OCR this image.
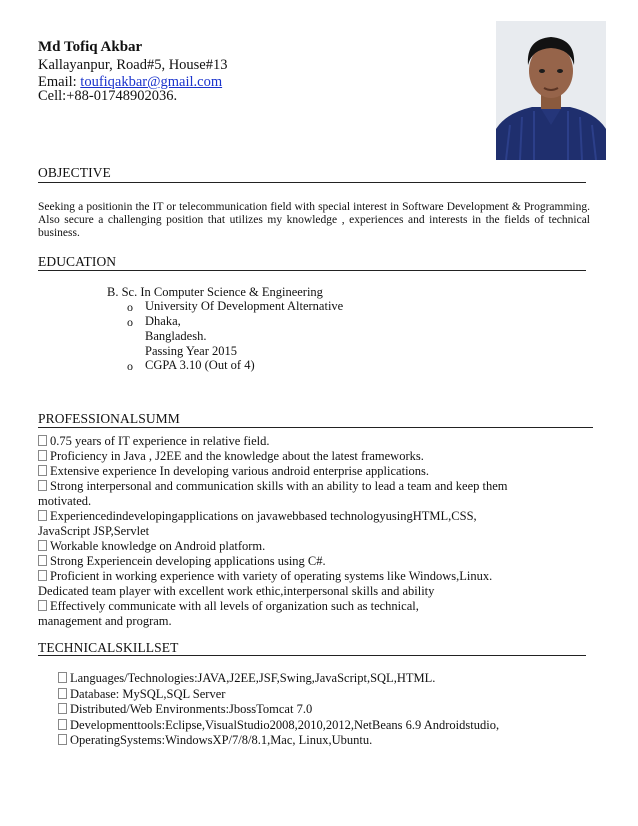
Md Tofiq Akbar
Kallayanpur, Road#5, House#13
Email: toufiqakbar@gmail.com
Cell:+88-01748902036.
OBJECTIVE
Seeking a positionin the IT or telecommunication field with special interest in Software Development & Programming. Also secure a challenging position that utilizes my knowledge , experiences and interests in the fields of technical business.
EDUCATION
B. Sc. In Computer Science & Engineering
o University Of Development Alternative
o Dhaka,
Bangladesh.
Passing Year 2015
o CGPA 3.10 (Out of 4)
PROFESSIONALSUMM

0.75 years of IT experience in relative field.

Proficiency in Java , J2EE and the knowledge about the latest frameworks.

Extensive experience In developing various android enterprise applications.

Strong interpersonal and communication skills with an ability to lead a team and keep them

motivated.

Experiencedindevelopingapplications on javawebbased technologyusingHTML,CSS,

JavaScript JSP,Servlet

Workable knowledge on Android platform.

Strong Experiencein developing applications using C#.

Proficient in working experience with variety of operating systems like Windows,Linux.

Dedicated team player with excellent work ethic,interpersonal skills and ability

Effectively communicate with all levels of organization such as technical,

management and program.

TECHNICALSKILLSET

Languages/Technologies:JAVA,J2EE,JSF,Swing,JavaScript,SQL,HTML.

Database: MySQL,SQL Server

Distributed/Web Environments:JbossTomcat 7.0

Developmenttools:Eclipse,VisualStudio2008,2010,2012,NetBeans 6.9 Androidstudio,

OperatingSystems:WindowsXP/7/8/8.1,Mac, Linux,Ubuntu.
